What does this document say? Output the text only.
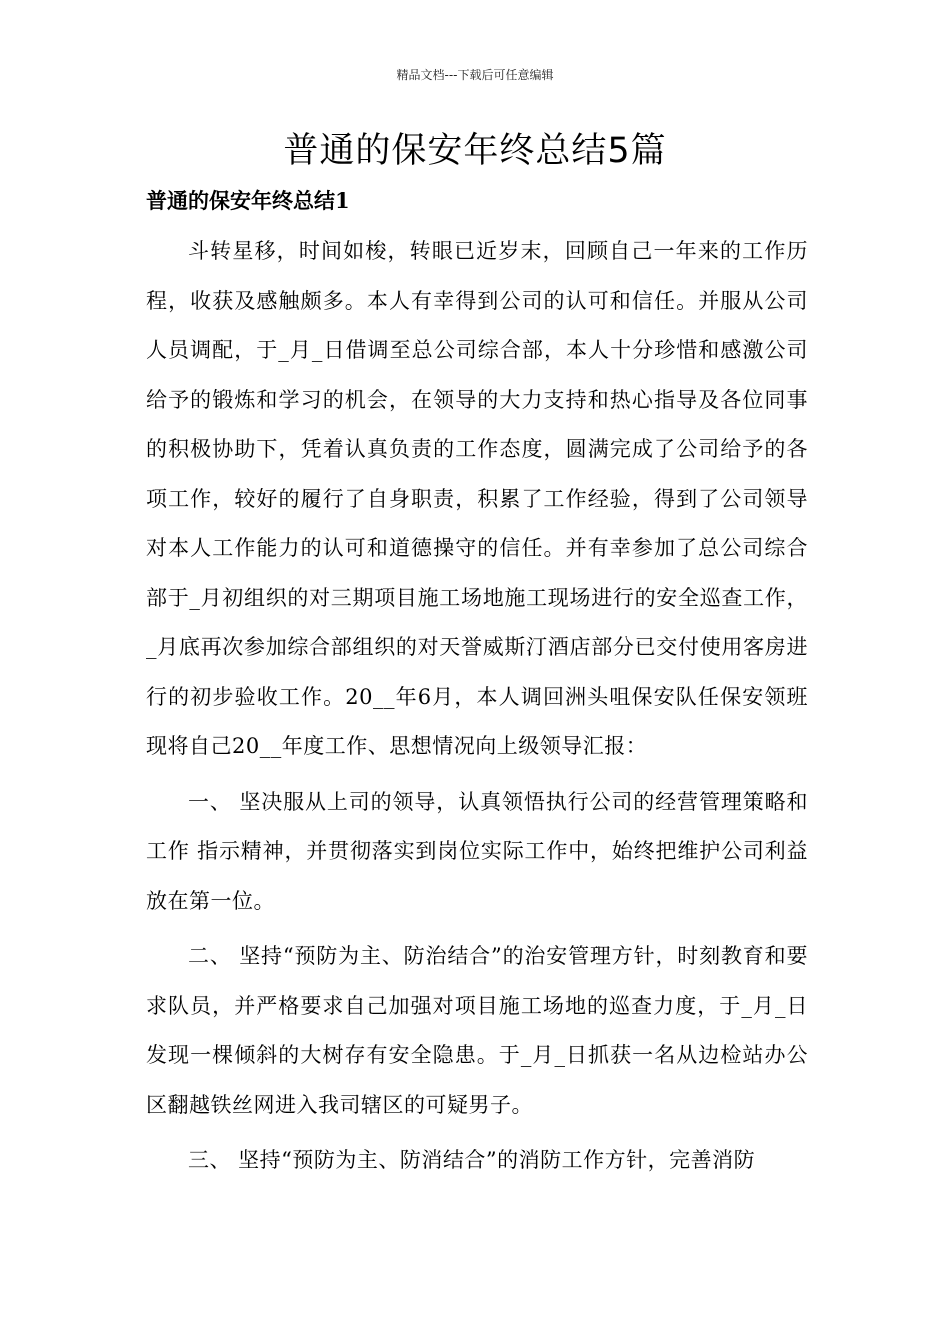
精品文档---下载后可任意编辑
普通的保安年终总结5篇
普通的保安年终总结1

斗转星移，时间如梭，转眼已近岁末，回顾自己一年来的工作历程，收获及感触颇多。本人有幸得到公司的认可和信任。并服从公司人员调配，于_月_日借调至总公司综合部，本人十分珍惜和感激公司给予的锻炼和学习的机会，在领导的大力支持和热心指导及各位同事的积极协助下，凭着认真负责的工作态度，圆满完成了公司给予的各项工作，较好的履行了自身职责，积累了工作经验，得到了公司领导对本人工作能力的认可和道德操守的信任。并有幸参加了总公司综合部于_月初组织的对三期项目施工场地施工现场进行的安全巡查工作，_月底再次参加综合部组织的对天誉威斯汀酒店部分已交付使用客房进行的初步验收工作。20__年6月，本人调回洲头咀保安队任保安领班现将自己20__年度工作、思想情况向上级领导汇报：

一、 坚决服从上司的领导，认真领悟执行公司的经营管理策略和工作 指示精神，并贯彻落实到岗位实际工作中，始终把维护公司利益放在第一位。

二、 坚持“预防为主、防治结合”的治安管理方针，时刻教育和要求队员，并严格要求自己加强对项目施工场地的巡查力度，于_月_日发现一棵倾斜的大树存有安全隐患。于_月_日抓获一名从边检站办公区翻越铁丝网进入我司辖区的可疑男子。

三、 坚持“预防为主、防消结合”的消防工作方针，完善消防
